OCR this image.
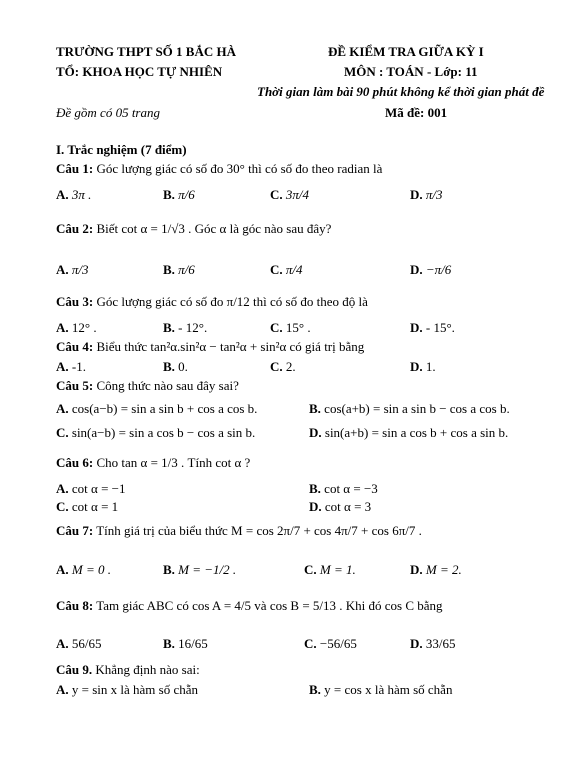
TRƯỜNG THPT SỐ 1 BẮC HÀ
TỔ: KHOA HỌC TỰ NHIÊN
ĐỀ KIỂM TRA GIỮA KỲ I
MÔN : TOÁN - Lớp: 11
Thời gian làm bài 90 phút không kể thời gian phát đề
Đề gồm có 05 trang	Mã đề: 001
I. Trắc nghiệm (7 điểm)
Câu 1: Góc lượng giác có số đo 30° thì có số đo theo radian là
A. 3π .	B. π/6	C. 3π/4	D. π/3
Câu 2: Biết cot α = 1/√3 . Góc α là góc nào sau đây?
A. π/3	B. π/6	C. π/4	D. −π/6
Câu 3: Góc lượng giác có số đo π/12 thì có số đo theo độ là
A. 12° .	B. - 12°.	C. 15° .	D. - 15°.
Câu 4: Biểu thức tan²α.sin²α − tan²α + sin²α có giá trị bằng
A. -1.	B. 0.	C. 2.	D. 1.
Câu 5: Công thức nào sau đây sai?
A. cos(a−b) = sin a sin b + cos a cos b.	B. cos(a+b) = sin a sin b − cos a cos b.
C. sin(a−b) = sin a cos b − cos a sin b.	D. sin(a+b) = sin a cos b + cos a sin b.
Câu 6: Cho tan α = 1/3 . Tính cot α ?
A. cot α = −1	B. cot α = −3
C. cot α = 1	D. cot α = 3
Câu 7: Tính giá trị của biểu thức M = cos 2π/7 + cos 4π/7 + cos 6π/7 .
A. M = 0 .	B. M = −1/2 .	C. M = 1.	D. M = 2.
Câu 8: Tam giác ABC có cos A = 4/5 và cos B = 5/13 . Khi đó cos C bằng
A. 56/65	B. 16/65	C. −56/65	D. 33/65
Câu 9. Khẳng định nào sai:
A. y = sin x là hàm số chẵn	B. y = cos x là hàm số chẵn
